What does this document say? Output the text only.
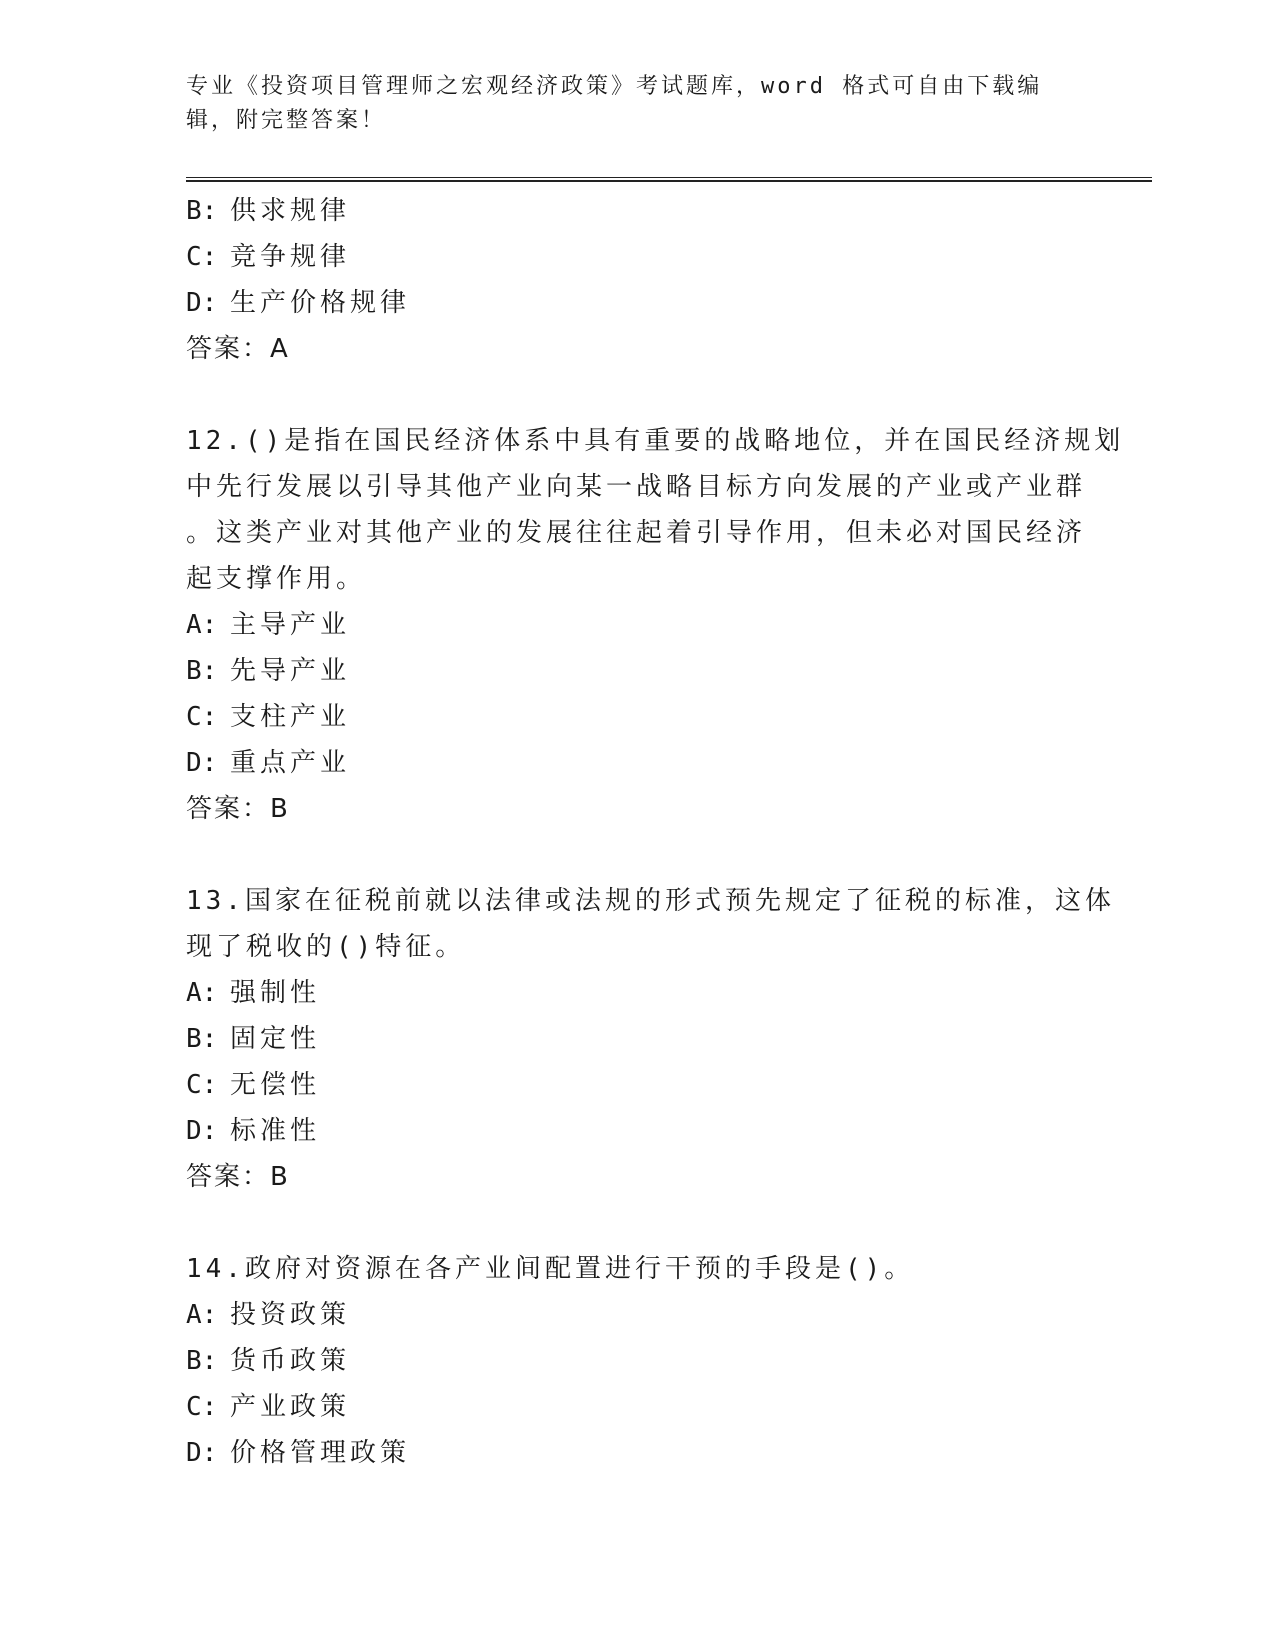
专业《投资项目管理师之宏观经济政策》考试题库，word 格式可自由下载编辑，附完整答案！
B: 供求规律
C: 竞争规律
D: 生产价格规律
答案：A
12.()是指在国民经济体系中具有重要的战略地位，并在国民经济规划
中先行发展以引导其他产业向某一战略目标方向发展的产业或产业群
。这类产业对其他产业的发展往往起着引导作用，但未必对国民经济
起支撑作用。
A: 主导产业
B: 先导产业
C: 支柱产业
D: 重点产业
答案：B
13.国家在征税前就以法律或法规的形式预先规定了征税的标准，这体
现了税收的()特征。
A: 强制性
B: 固定性
C: 无偿性
D: 标准性
答案：B
14.政府对资源在各产业间配置进行干预的手段是()。
A: 投资政策
B: 货币政策
C: 产业政策
D: 价格管理政策
